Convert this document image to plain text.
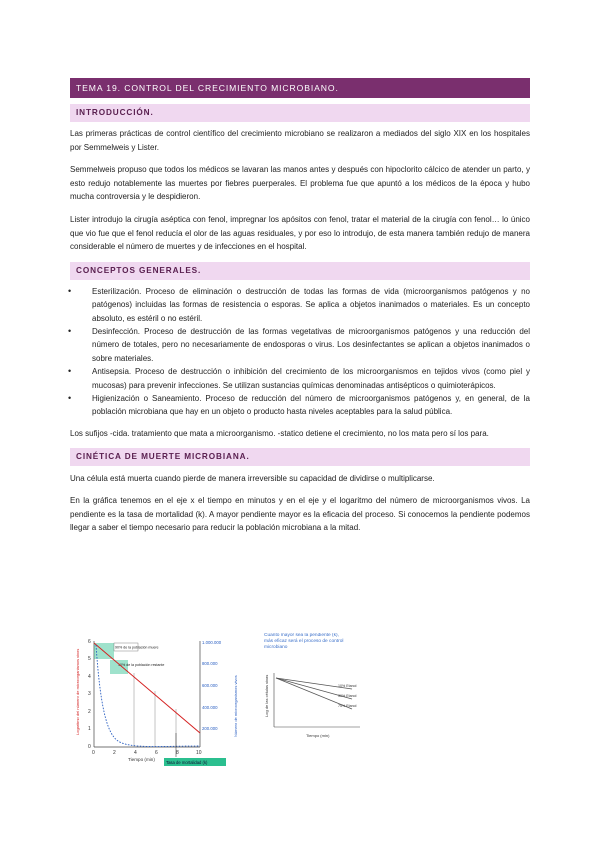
TEMA 19. CONTROL DEL CRECIMIENTO MICROBIANO.
INTRODUCCIÓN.

Las primeras prácticas de control científico del crecimiento microbiano se realizaron a mediados del siglo XIX en los hospitales por Semmelweis y Lister.

Semmelweis propuso que todos los médicos se lavaran las manos antes y después con hipoclorito cálcico de atender un parto, y esto redujo notablemente las muertes por fiebres puerperales. El problema fue que apuntó a los médicos de la época y hubo mucha controversia y le despidieron.

Lister introdujo la cirugía aséptica con fenol, impregnar los apósitos con fenol, tratar el material de la cirugía con fenol… lo único que vio fue que el fenol reducía el olor de las aguas residuales, y por eso lo introdujo, de esta manera también redujo de manera considerable el número de muertes y de infecciones en el hospital.

CONCEPTOS GENERALES.
•	Esterilización. Proceso de eliminación o destrucción de todas las formas de vida (microorganismos patógenos y no patógenos) incluidas las formas de resistencia o esporas. Se aplica a objetos inanimados o materiales. Es un concepto absoluto, es estéril o no estéril.
•	Desinfección. Proceso de destrucción de las formas vegetativas de microorganismos patógenos y una reducción del número de totales, pero no necesariamente de endosporas o virus. Los desinfectantes se aplican a objetos inanimados o sobre materiales.
•	Antisepsia. Proceso de destrucción o inhibición del crecimiento de los microorganismos en tejidos vivos (como piel y mucosas) para prevenir infecciones. Se utilizan sustancias químicas denominadas antisépticos o quimioterápicos.
•	Higienización o Saneamiento. Proceso de reducción del número de microorganismos patógenos y, en general, de la población microbiana que hay en un objeto o producto hasta niveles aceptables para la salud pública.

Los sufijos -cida. tratamiento que mata a microorganismo. -statico detiene el crecimiento, no los mata pero sí los para.

CINÉTICA DE MUERTE MICROBIANA.

Una célula está muerta cuando pierde de manera irreversible su capacidad de dividirse o multiplicarse.

En la gráfica tenemos en el eje x el tiempo en minutos y en el eje y el logaritmo del número de microorganismos vivos. La pendiente es la tasa de mortalidad (k). A mayor pendiente mayor es la eficacia del proceso. Si conocemos la pendiente podemos llegar a saber el tiempo necesario para reducir la población microbiana a la mitad.

6
5
4
3
2
1
0
1.000.000
800.000
600.000
400.000
200.000
0	2	4	6	8	10
Tiempo (min)
Logaritmo del número de microorganismos vivos	Número de microorganismos vivos
90% de la población muere
10% de la población restante
Tasa de mortalidad (k)
Cuanto mayor sea la pendiente (k), más eficaz será el proceso de control microbiano
Log de las células vivas
Tiempo (min)
10% Etanol
30% Etanol
75% Etanol
